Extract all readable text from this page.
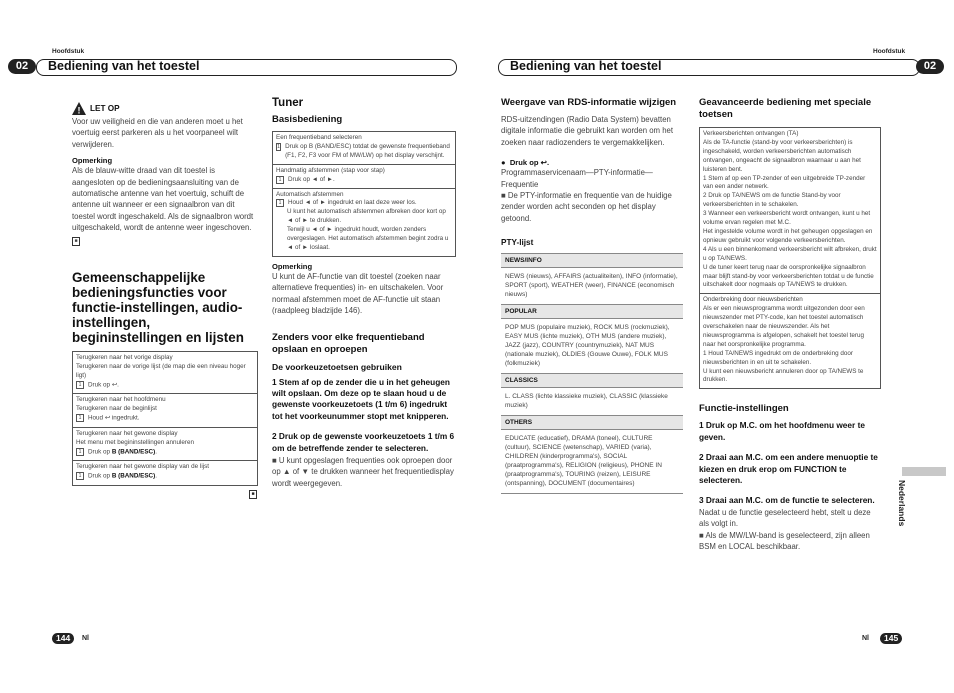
Hoofdstuk
02	Bediening van het toestel
Hoofdstuk
Bediening van het toestel	02
! LET OP

Voor uw veiligheid en die van anderen moet u het voertuig eerst parkeren als u het voorpaneel wilt verwijderen.

Opmerking

Als de blauw-witte draad van dit toestel is aangesloten op de bedieningsaansluiting van de automatische antenne van het voertuig, schuift de antenne uit wanneer er een signaalbron van dit toestel wordt ingeschakeld. Als de signaalbron wordt uitgeschakeld, wordt de antenne weer ingeschoven. ■

Gemeenschappelijke bedieningsfuncties voor functie-instellingen, audio-instellingen, begininstellingen en lijsten
Terugkeren naar het vorige display
Terugkeren naar de vorige lijst (de map die een niveau hoger ligt)
1 Druk op ↩.
Terugkeren naar het hoofdmenu
Terugkeren naar de beginlijst
1 Houd ↩ ingedrukt.
Terugkeren naar het gewone display
Het menu met begininstellingen annuleren
1 Druk op B (BAND/ESC).
Terugkeren naar het gewone display van de lijst
1 Druk op B (BAND/ESC).
■

Tuner

Basisbediening

Een frequentieband selecteren
1 Druk op B (BAND/ESC) totdat de gewenste frequentieband (F1, F2, F3 voor FM of MW/LW) op het display verschijnt.
Handmatig afstemmen (stap voor stap)
1	Druk op ◄ of ►.
Automatisch afstemmen
1	Houd ◄ of ► ingedrukt en laat deze weer los.
U kunt het automatisch afstemmen afbreken door kort op ◄ of ► te drukken.
Terwijl u ◄ of ► ingedrukt houdt, worden zenders overgeslagen. Het automatisch afstemmen begint zodra u ◄ of ► loslaat.

Opmerking

U kunt de AF-functie van dit toestel (zoeken naar alternatieve frequenties) in- en uitschakelen. Voor normaal afstemmen moet de AF-functie uit staan (raadpleeg bladzijde 146).

Zenders voor elke frequentieband opslaan en oproepen

De voorkeuzetoetsen gebruiken

1 Stem af op de zender die u in het geheugen wilt opslaan. Om deze op te slaan houd u de gewenste voorkeuzetoets (1 t/m 6) ingedrukt tot het voorkeunummer stopt met knipperen.

2 Druk op de gewenste voorkeuzetoets 1 t/m 6 om de betreffende zender te selecteren.

■ U kunt opgeslagen frequenties ook oproepen door op ▲ of ▼ te drukken wanneer het frequentiedisplay wordt weergegeven.

Weergave van RDS-informatie wijzigen

RDS-uitzendingen (Radio Data System) bevatten digitale informatie die gebruikt kan worden om het zoeken naar radiozenders te vergemakkelijken.

●  Druk op ↩.

Programmaservicenaam—PTY-informatie—Frequentie

■ De PTY-informatie en frequentie van de huidige zender worden acht seconden op het display getoond.

PTY-lijst

NEWS/INFO
NEWS (nieuws), AFFAIRS (actualiteiten), INFO (informatie), SPORT (sport), WEATHER (weer), FINANCE (economisch nieuws)
POPULAR
POP MUS (populaire muziek), ROCK MUS (rockmuziek), EASY MUS (lichte muziek), OTH MUS (andere muziek), JAZZ (jazz), COUNTRY (countrymuziek), NAT MUS (nationale muziek), OLDIES (Gouwe Ouwe), FOLK MUS (folkmuziek)
CLASSICS
L. CLASS (lichte klassieke muziek), CLASSIC (klassieke muziek)
OTHERS
EDUCATE (educatief), DRAMA (toneel), CULTURE (cultuur), SCIENCE (wetenschap), VARIED (varia), CHILDREN (kinderprogramma's), SOCIAL (praatprogramma's), RELIGION (religieus), PHONE IN (praatprogramma's), TOURING (reizen), LEISURE (ontspanning), DOCUMENT (documentaires)

Geavanceerde bediening met speciale toetsen

Verkeersberichten ontvangen (TA)
Als de TA-functie (stand-by voor verkeersberichten) is ingeschakeld, worden verkeersberichten automatisch ontvangen, ongeacht de signaalbron waarnaar u aan het luisteren bent.
1 Stem af op een TP-zender of een uitgebreide TP-zender van een ander netwerk.
2 Druk op TA/NEWS om de functie Stand-by voor verkeersberichten in te schakelen.
3 Wanneer een verkeersbericht wordt ontvangen, kunt u het volume ervan regelen met M.C.
Het ingestelde volume wordt in het geheugen opgeslagen en opnieuw gebruikt voor volgende verkeersberichten.
4 Als u een binnenkomend verkeersbericht wilt afbreken, drukt u op TA/NEWS.
U de tuner keert terug naar de oorspronkelijke signaalbron maar blijft stand-by voor verkeersberichten totdat u de functie uitschakelt door nogmaals op TA/NEWS te drukken.
Onderbreking door nieuwsberichten
Als er een nieuwsprogramma wordt uitgezonden door een nieuwszender met PTY-code, kan het toestel automatisch overschakelen naar de nieuwszender. Als het nieuwsprogramma is afgelopen, schakelt het toestel terug naar het oorspronkelijke programma.
1 Houd TA/NEWS ingedrukt om de onderbreking door nieuwsberichten in en uit te schakelen.
U kunt een nieuwsbericht annuleren door op TA/NEWS te drukken.

Functie-instellingen

1 Druk op M.C. om het hoofdmenu weer te geven.

2 Draai aan M.C. om een andere menuoptie te kiezen en druk erop om FUNCTION te selecteren.

3 Draai aan M.C. om de functie te selecteren.

Nadat u de functie geselecteerd hebt, stelt u deze als volgt in.

■ Als de MW/LW-band is geselecteerd, zijn alleen BSM en LOCAL beschikbaar.

Nederlands
144	Nl	Nl	145
